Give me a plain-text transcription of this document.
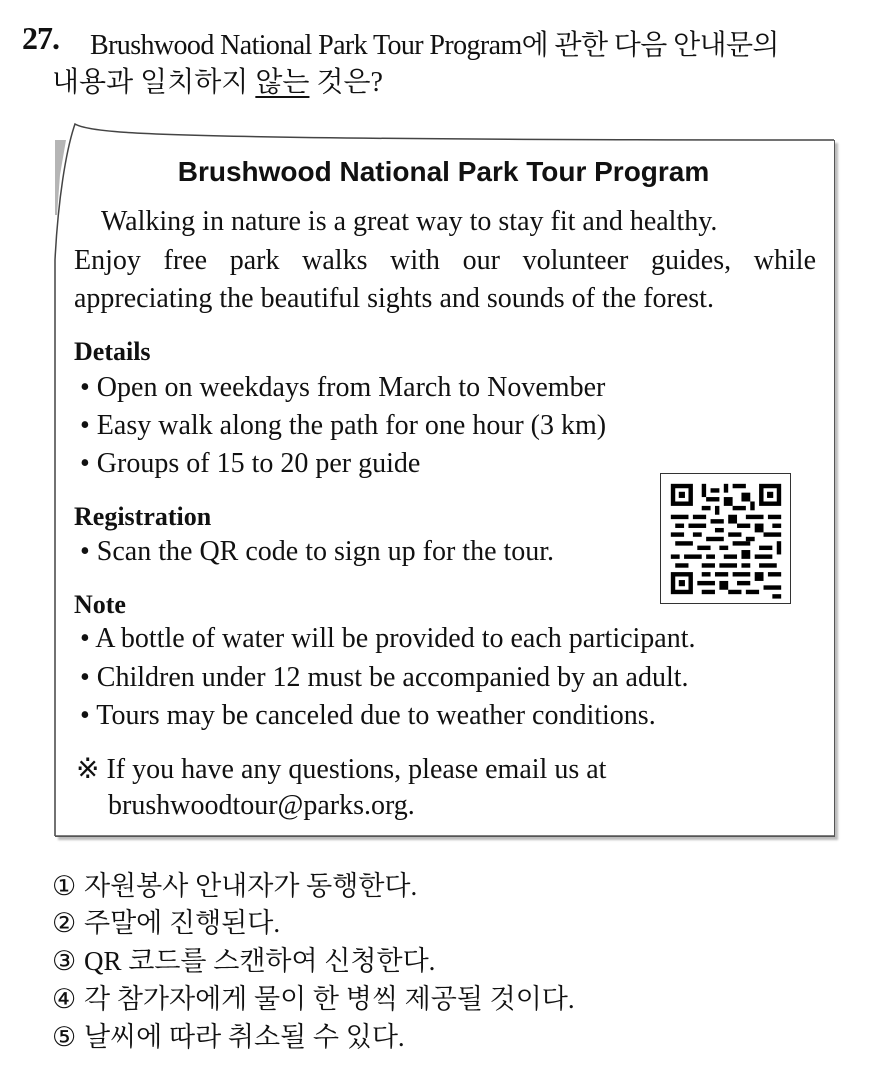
27. Brushwood National Park Tour Program에 관한 다음 안내문의
내용과 일치하지 않는 것은?
Brushwood National Park Tour Program
Walking in nature is a great way to stay fit and healthy.
Enjoy free park walks with our volunteer guides, while
appreciating the beautiful sights and sounds of the forest.
Details
• Open on weekdays from March to November
• Easy walk along the path for one hour (3 km)
• Groups of 15 to 20 per guide
Registration
• Scan the QR code to sign up for the tour.
Note
• A bottle of water will be provided to each participant.
• Children under 12 must be accompanied by an adult.
• Tours may be canceled due to weather conditions.
※ If you have any questions, please email us at
brushwoodtour@parks.org.
① 자원봉사 안내자가 동행한다.
② 주말에 진행된다.
③ QR 코드를 스캔하여 신청한다.
④ 각 참가자에게 물이 한 병씩 제공될 것이다.
⑤ 날씨에 따라 취소될 수 있다.
